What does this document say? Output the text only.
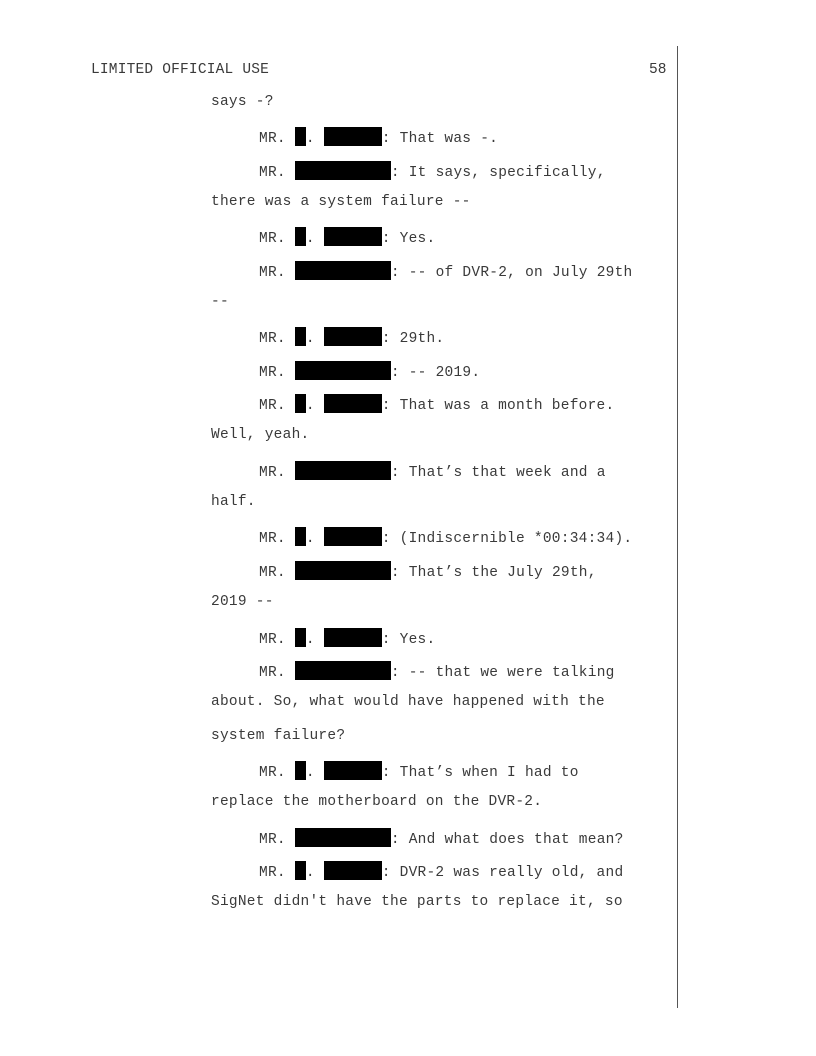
LIMITED OFFICIAL USE	58
says -?
MR. .	: That was -.
MR.	: It says, specifically,
there was a system failure --
MR. .	: Yes.
MR.	: -- of DVR-2, on July 29th
--
MR. .	: 29th.
MR.	: -- 2019.
MR. .	: That was a month before.
Well, yeah.
MR.	: That’s that week and a
half.
MR. .	: (Indiscernible *00:34:34).
MR.	: That’s the July 29th,
2019 --
MR. .	: Yes.
MR.	: -- that we were talking
about. So, what would have happened with the
system failure?
MR. .	: That’s when I had to
replace the motherboard on the DVR-2.
MR.	: And what does that mean?
MR. .	: DVR-2 was really old, and
SigNet didn't have the parts to replace it, so
